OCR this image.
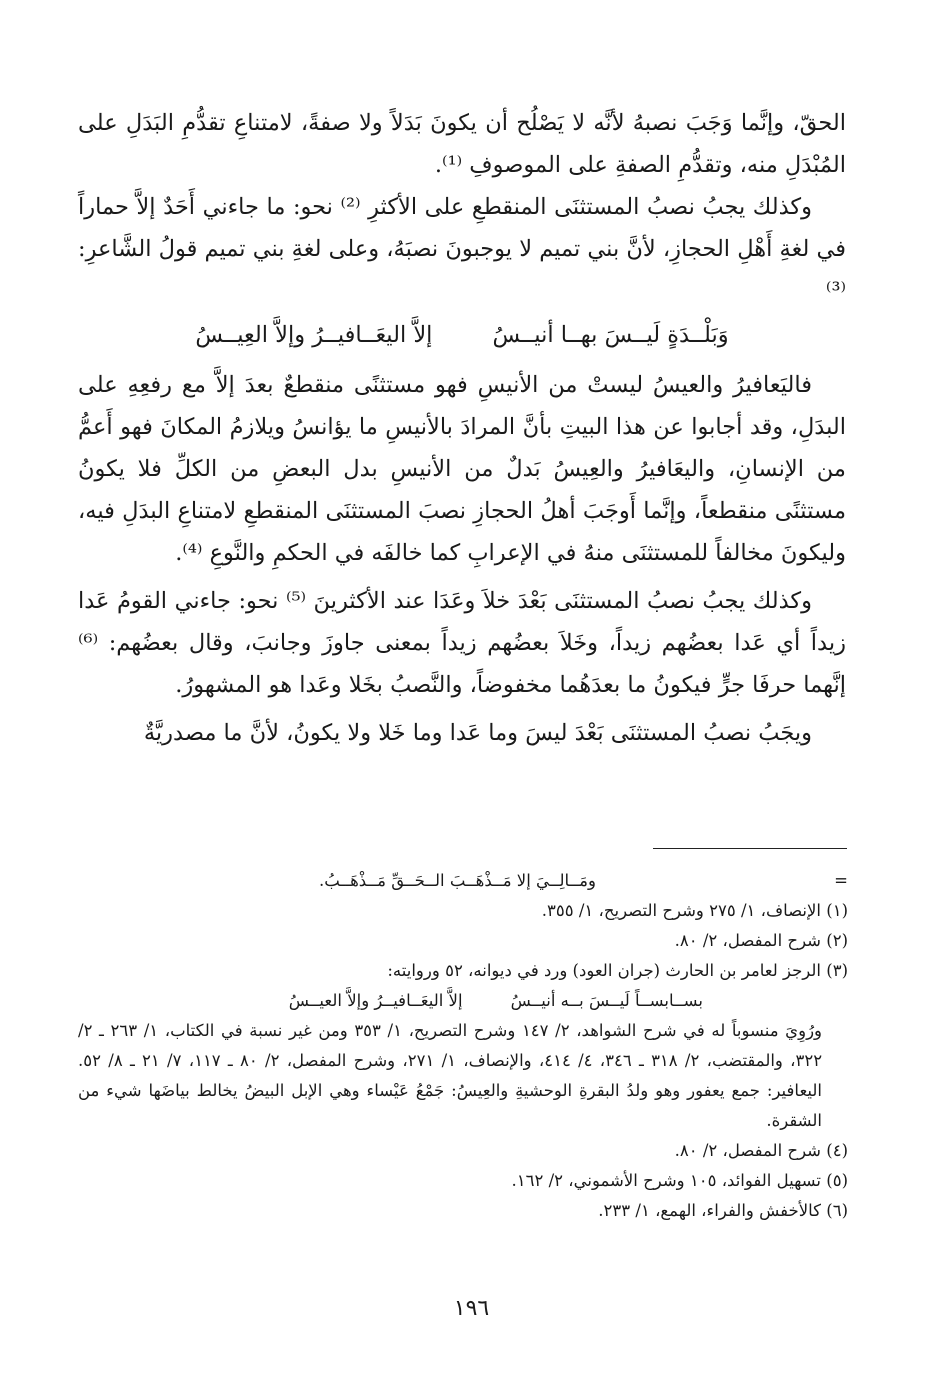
الحقّ، وإنَّما وَجَبَ نصبهُ لأنَّه لا يَصْلُح أن يكونَ بَدَلاً ولا صفةً، لامتناعِ تقدُّمِ البَدَلِ على المُبْدَلِ منه، وتقدُّمِ الصفةِ على الموصوفِ ⁽¹⁾.

وكذلك يجبُ نصبُ المستثنَى المنقطعِ على الأكثرِ ⁽²⁾ نحو: ما جاءني أَحَدٌ إلاَّ حماراً في لغةِ أَهْلِ الحجازِ، لأنَّ بني تميم لا يوجبونَ نصبَهُ، وعلى لغةِ بني تميم قولُ الشَّاعرِ: ⁽³⁾

وَبَلْــدَةٍ لَيــسَ بهــا أنيــسُ
إلاَّ اليعَــافيــرُ وإلاَّ العِيــسُ

فاليَعافيرُ والعيسُ ليستْ من الأنيسِ فهو مستثنًى منقطعٌ بعدَ إلاَّ مع رفعِهِ على البدَلِ، وقد أجابوا عن هذا البيتِ بأنَّ المرادَ بالأنيسِ ما يؤانسُ ويلازمُ المكانَ فهو أَعمُّ من الإنسانِ، واليعَافيرُ والعِيسُ بَدلٌ من الأنيسِ بدل البعضِ من الكلِّ فلا يكونُ مستثنًى منقطعاً، وإنَّما أَوجَبَ أهلُ الحجازِ نصبَ المستثنَى المنقطعِ لامتناعِ البدَلِ فيه، وليكونَ مخالفاً للمستثنَى منهُ في الإعرابِ كما خالفَه في الحكمِ والنَّوعِ ⁽⁴⁾.

وكذلك يجبُ نصبُ المستثنَى بَعْدَ خلاَ وعَدَا عند الأكثرينَ ⁽⁵⁾ نحو: جاءني القومُ عَدا زيداً أي عَدا بعضُهم زيداً، وخَلاَ بعضُهم زيداً بمعنى جاوزَ وجانبَ، وقال بعضُهم: ⁽⁶⁾ إنَّهما حرفَا جرٍّ فيكونُ ما بعدَهُما مخفوضاً، والنَّصبُ بخَلا وعَدا هو المشهورُ.

ويجَبُ نصبُ المستثنَى بَعْدَ ليسَ وما عَدا وما خَلا ولا يكونُ، لأنَّ ما مصدريَّةٌ

=
ومَــالِــيَ إلا مَــذْهَــبَ الــحَــقِّ مَــذْهَــبُ.

(١) الإنصاف، ١/ ٢٧٥ وشرح التصريح، ١/ ٣٥٥.

(٢) شرح المفصل، ٢/ ٨٠.

(٣) الرجز لعامر بن الحارث (جران العود) ورد في ديوانه، ٥٢ وروايته:

بســابســاً لَيــسَ بــه أنيــسُ
إلاَّ اليعَــافيــرُ وإلاَّ العيــسُ

ورُوِيَ منسوباً له في شرح الشواهد، ٢/ ١٤٧ وشرح التصريح، ١/ ٣٥٣ ومن غير نسبة في الكتاب، ١/ ٢٦٣ ـ ٢/ ٣٢٢، والمقتضب، ٢/ ٣١٨ ـ ٣٤٦، ٤/ ٤١٤، والإنصاف، ١/ ٢٧١، وشرح المفصل، ٢/ ٨٠ ـ ١١٧، ٧/ ٢١ ـ ٨/ ٥٢. اليعافير: جمع يعفور وهو ولدُ البقرةِ الوحشيةِ والعِيسُ: جَمْعُ عَيْساء وهي الإبل البيضُ يخالط بياضَها شيء من الشقرة.

(٤) شرح المفصل، ٢/ ٨٠.

(٥) تسهيل الفوائد، ١٠٥ وشرح الأشموني، ٢/ ١٦٢.

(٦) كالأخفش والفراء، الهمع، ١/ ٢٣٣.

١٩٦
